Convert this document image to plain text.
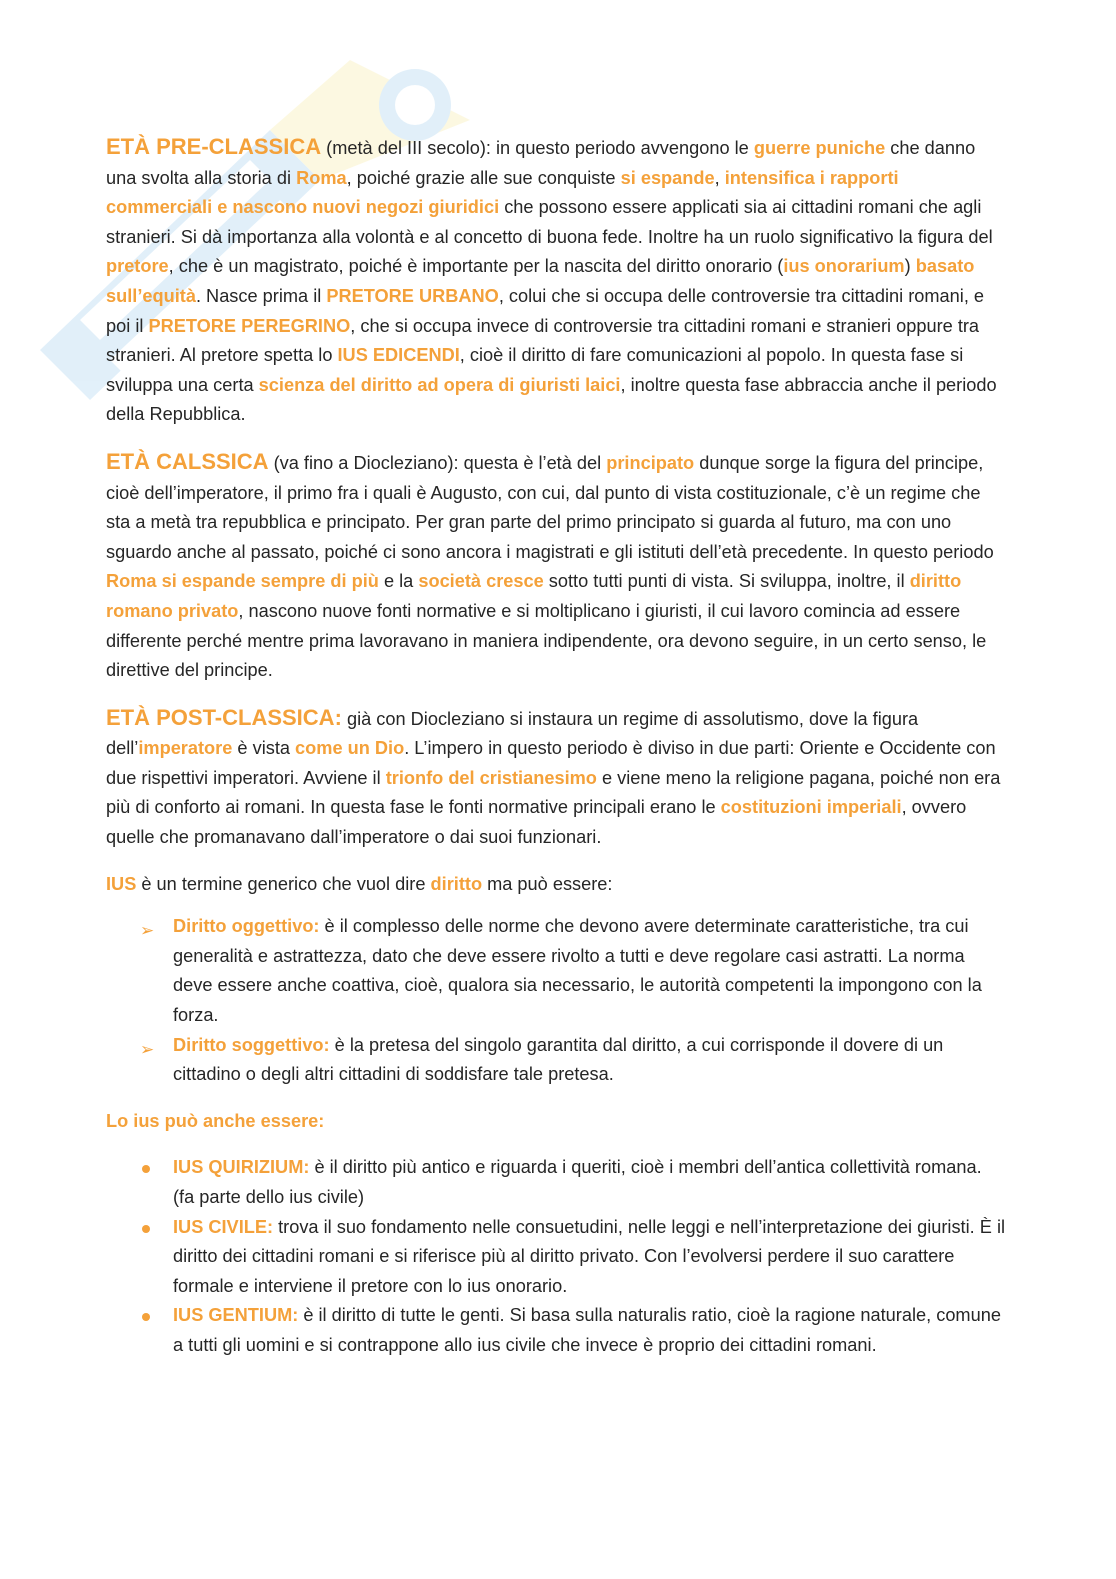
ETÀ PRE-CLASSICA (metà del III secolo): in questo periodo avvengono le guerre puniche che danno una svolta alla storia di Roma, poiché grazie alle sue conquiste si espande, intensifica i rapporti commerciali e nascono nuovi negozi giuridici che possono essere applicati sia ai cittadini romani che agli stranieri. Si dà importanza alla volontà e al concetto di buona fede. Inoltre ha un ruolo significativo la figura del pretore, che è un magistrato, poiché è importante per la nascita del diritto onorario (ius onorarium) basato sull’equità. Nasce prima il PRETORE URBANO, colui che si occupa delle controversie tra cittadini romani, e poi il PRETORE PEREGRINO, che si occupa invece di controversie tra cittadini romani e stranieri oppure tra stranieri. Al pretore spetta lo IUS EDICENDI, cioè il diritto di fare comunicazioni al popolo. In questa fase si sviluppa una certa scienza del diritto ad opera di giuristi laici, inoltre questa fase abbraccia anche il periodo della Repubblica.

ETÀ CALSSICA (va fino a Diocleziano): questa è l’età del principato dunque sorge la figura del principe, cioè dell’imperatore, il primo fra i quali è Augusto, con cui, dal punto di vista costituzionale, c’è un regime che sta a metà tra repubblica e principato. Per gran parte del primo principato si guarda al futuro, ma con uno sguardo anche al passato, poiché ci sono ancora i magistrati e gli istituti dell’età precedente. In questo periodo Roma si espande sempre di più e la società cresce sotto tutti punti di vista. Si sviluppa, inoltre, il diritto romano privato, nascono nuove fonti normative e si moltiplicano i giuristi, il cui lavoro comincia ad essere differente perché mentre prima lavoravano in maniera indipendente, ora devono seguire, in un certo senso, le direttive del principe.

ETÀ POST-CLASSICA: già con Diocleziano si instaura un regime di assolutismo, dove la figura dell’imperatore è vista come un Dio. L’impero in questo periodo è diviso in due parti: Oriente e Occidente con due rispettivi imperatori. Avviene il trionfo del cristianesimo e viene meno la religione pagana, poiché non era più di conforto ai romani. In questa fase le fonti normative principali erano le costituzioni imperiali, ovvero quelle che promanavano dall’imperatore o dai suoi funzionari.

IUS è un termine generico che vuol dire diritto ma può essere:

➢ Diritto oggettivo: è il complesso delle norme che devono avere determinate caratteristiche, tra cui generalità e astrattezza, dato che deve essere rivolto a tutti e deve regolare casi astratti. La norma deve essere anche coattiva, cioè, qualora sia necessario, le autorità competenti la impongono con la forza.
➢ Diritto soggettivo: è la pretesa del singolo garantita dal diritto, a cui corrisponde il dovere di un cittadino o degli altri cittadini di soddisfare tale pretesa.
Lo ius può anche essere:
IUS QUIRIZIUM: è il diritto più antico e riguarda i queriti, cioè i membri dell’antica collettività romana. (fa parte dello ius civile)
IUS CIVILE: trova il suo fondamento nelle consuetudini, nelle leggi e nell’interpretazione dei giuristi. È il diritto dei cittadini romani e si riferisce più al diritto privato. Con l’evolversi perdere il suo carattere formale e interviene il pretore con lo ius onorario.
IUS GENTIUM: è il diritto di tutte le genti. Si basa sulla naturalis ratio, cioè la ragione naturale, comune a tutti gli uomini e si contrappone allo ius civile che invece è proprio dei cittadini romani.
